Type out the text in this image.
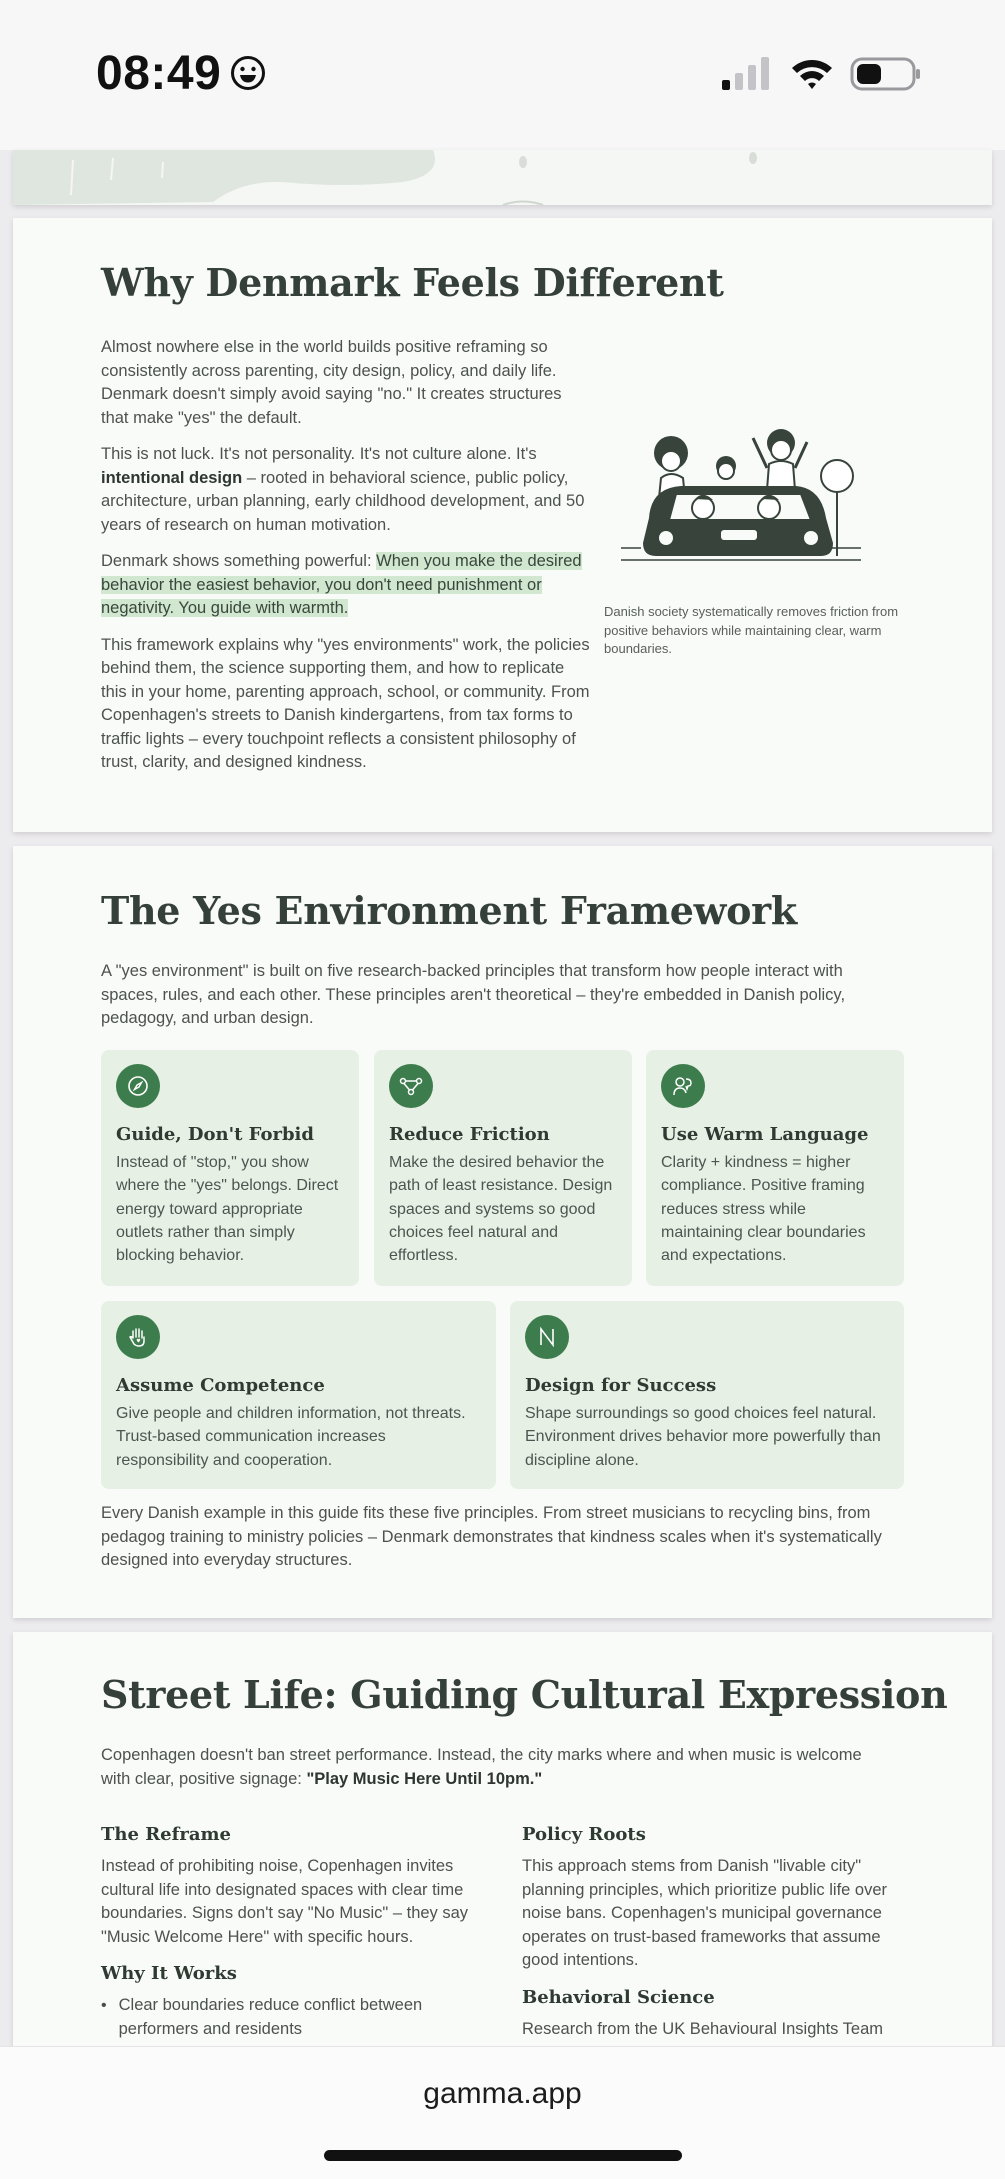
08:49
Why Denmark Feels Different

Almost nowhere else in the world builds positive reframing so consistently across parenting, city design, policy, and daily life. Denmark doesn't simply avoid saying "no." It creates structures that make "yes" the default.

This is not luck. It's not personality. It's not culture alone. It's intentional design – rooted in behavioral science, public policy, architecture, urban planning, early childhood development, and 50 years of research on human motivation.

Denmark shows something powerful: When you make the desired behavior the easiest behavior, you don't need punishment or negativity. You guide with warmth.

This framework explains why "yes environments" work, the policies behind them, the science supporting them, and how to replicate this in your home, parenting approach, school, or community. From Copenhagen's streets to Danish kindergartens, from tax forms to traffic lights – every touchpoint reflects a consistent philosophy of trust, clarity, and designed kindness.

Danish society systematically removes friction from positive behaviors while maintaining clear, warm boundaries.

The Yes Environment Framework

A "yes environment" is built on five research-backed principles that transform how people interact with spaces, rules, and each other. These principles aren't theoretical – they're embedded in Danish policy, pedagogy, and urban design.

Guide, Don't Forbid
Instead of "stop," you show where the "yes" belongs. Direct energy toward appropriate outlets rather than simply blocking behavior.
Reduce Friction
Make the desired behavior the path of least resistance. Design spaces and systems so good choices feel natural and effortless.
Use Warm Language
Clarity + kindness = higher compliance. Positive framing reduces stress while maintaining clear boundaries and expectations.
Assume Competence
Give people and children information, not threats. Trust-based communication increases responsibility and cooperation.
Design for Success
Shape surroundings so good choices feel natural. Environment drives behavior more powerfully than discipline alone.

Every Danish example in this guide fits these five principles. From street musicians to recycling bins, from pedagog training to ministry policies – Denmark demonstrates that kindness scales when it's systematically designed into everyday structures.

Street Life: Guiding Cultural Expression

Copenhagen doesn't ban street performance. Instead, the city marks where and when music is welcome with clear, positive signage: "Play Music Here Until 10pm."

The Reframe

Instead of prohibiting noise, Copenhagen invites cultural life into designated spaces with clear time boundaries. Signs don't say "No Music" – they say "Music Welcome Here" with specific hours.

Why It Works
• Clear boundaries reduce conflict between performers and residents
Policy Roots

This approach stems from Danish "livable city" planning principles, which prioritize public life over noise bans. Copenhagen's municipal governance operates on trust-based frameworks that assume good intentions.

Behavioral Science

Research from the UK Behavioural Insights Team

gamma.app
